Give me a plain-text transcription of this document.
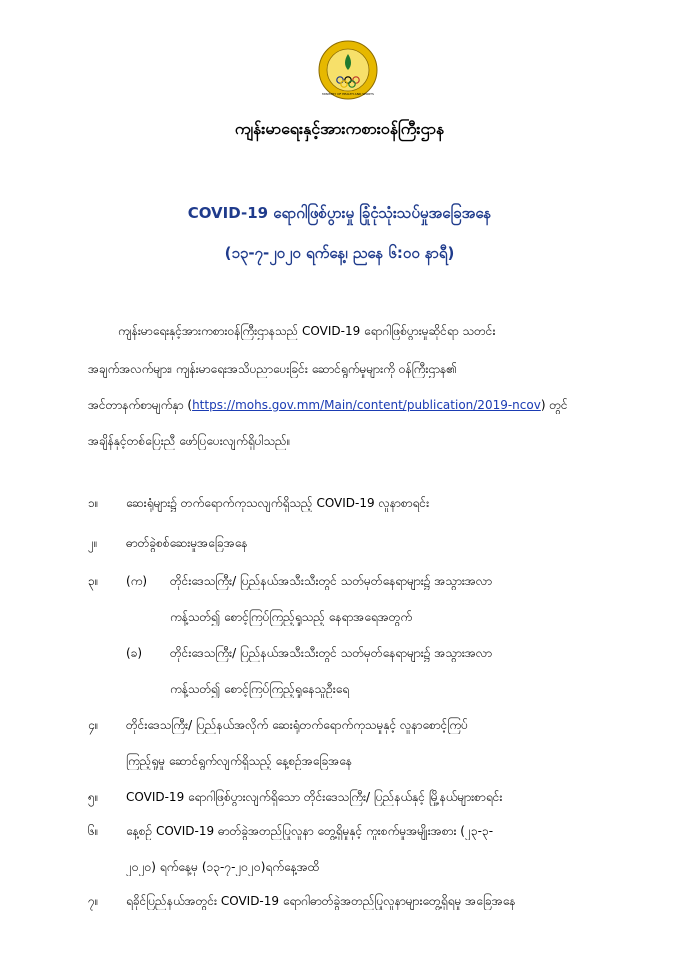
MINISTRY OF HEALTH AND SPORTS
ကျန်းမာရေးနှင့်အားကစားဝန်ကြီးဌာန
COVID-19 ရောဂါဖြစ်ပွားမှု ခြုံငုံသုံးသပ်မှုအခြေအနေ
(၁၃-၇-၂၀၂၀ ရက်နေ့၊ ညနေ ၆:၀၀ နာရီ)
ကျန်းမာရေးနှင့်အားကစားဝန်ကြီးဌာနသည် COVID-19 ရောဂါဖြစ်ပွားမှုဆိုင်ရာ သတင်း
အချက်အလက်များ၊ ကျန်းမာရေးအသိပညာပေးခြင်း ဆောင်ရွက်မှုများကို ဝန်ကြီးဌာန၏
အင်တာနက်စာမျက်နှာ (https://mohs.gov.mm/Main/content/publication/2019-ncov) တွင်
အချိန်နှင့်တစ်ပြေးညီ ဖော်ပြပေးလျက်ရှိပါသည်။
၁။	ဆေးရုံများ၌ တက်ရောက်ကုသလျက်ရှိသည့် COVID-19 လူနာစာရင်း
၂။	ဓာတ်ခွဲစစ်ဆေးမှုအခြေအနေ
၃။	(က)	တိုင်းဒေသကြီး/ ပြည်နယ်အသီးသီးတွင် သတ်မှတ်နေရာများ၌ အသွားအလာ
ကန့်သတ်၍ စောင့်ကြပ်ကြည့်ရှုသည့် နေရာအရေအတွက်
(ခ)	တိုင်းဒေသကြီး/ ပြည်နယ်အသီးသီးတွင် သတ်မှတ်နေရာများ၌ အသွားအလာ
ကန့်သတ်၍ စောင့်ကြပ်ကြည့်ရှုနေသူဦးရေ
၄။	တိုင်းဒေသကြီး/ ပြည်နယ်အလိုက် ဆေးရုံတက်ရောက်ကုသမှုနှင့် လူနာစောင့်ကြပ်
ကြည့်ရှုမှု ဆောင်ရွက်လျက်ရှိသည့် နေ့စဉ်အခြေအနေ
၅။	COVID-19 ရောဂါဖြစ်ပွားလျက်ရှိသော တိုင်းဒေသကြီး/ ပြည်နယ်နှင့် မြို့နယ်များစာရင်း
၆။	နေ့စဉ် COVID-19 ဓာတ်ခွဲအတည်ပြုလူနာ တွေ့ရှိမှုနှင့် ကူးစက်မှုအမျိုးအစား (၂၃-၃-
၂၀၂၀) ရက်နေ့မှ (၁၃-၇-၂၀၂၀)ရက်နေ့အထိ
၇။	ရခိုင်ပြည်နယ်အတွင်း COVID-19 ရောဂါဓာတ်ခွဲအတည်ပြုလူနာများတွေ့ရှိရမှု အခြေအနေ
